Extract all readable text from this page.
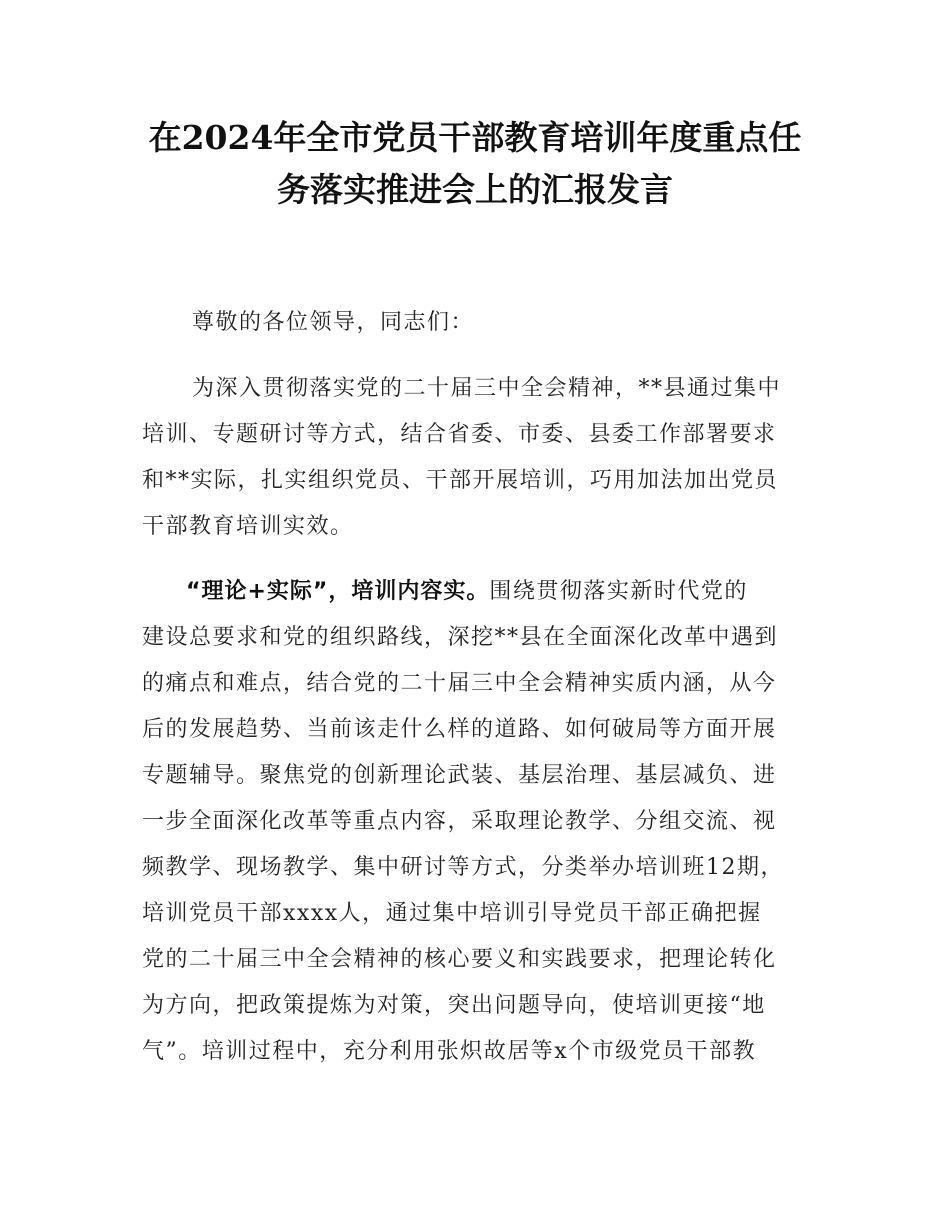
在2024年全市党员干部教育培训年度重点任
务落实推进会上的汇报发言
尊敬的各位领导，同志们：
为深入贯彻落实党的二十届三中全会精神，**县通过集中
培训、专题研讨等方式，结合省委、市委、县委工作部署要求
和**实际，扎实组织党员、干部开展培训，巧用加法加出党员
干部教育培训实效。
“理论+实际”，培训内容实。围绕贯彻落实新时代党的
建设总要求和党的组织路线，深挖**县在全面深化改革中遇到
的痛点和难点，结合党的二十届三中全会精神实质内涵，从今
后的发展趋势、当前该走什么样的道路、如何破局等方面开展
专题辅导。聚焦党的创新理论武装、基层治理、基层减负、进
一步全面深化改革等重点内容，采取理论教学、分组交流、视
频教学、现场教学、集中研讨等方式，分类举办培训班12期，
培训党员干部xxxx人，通过集中培训引导党员干部正确把握
党的二十届三中全会精神的核心要义和实践要求，把理论转化
为方向，把政策提炼为对策，突出问题导向，使培训更接“地
气”。培训过程中，充分利用张炽故居等x个市级党员干部教
